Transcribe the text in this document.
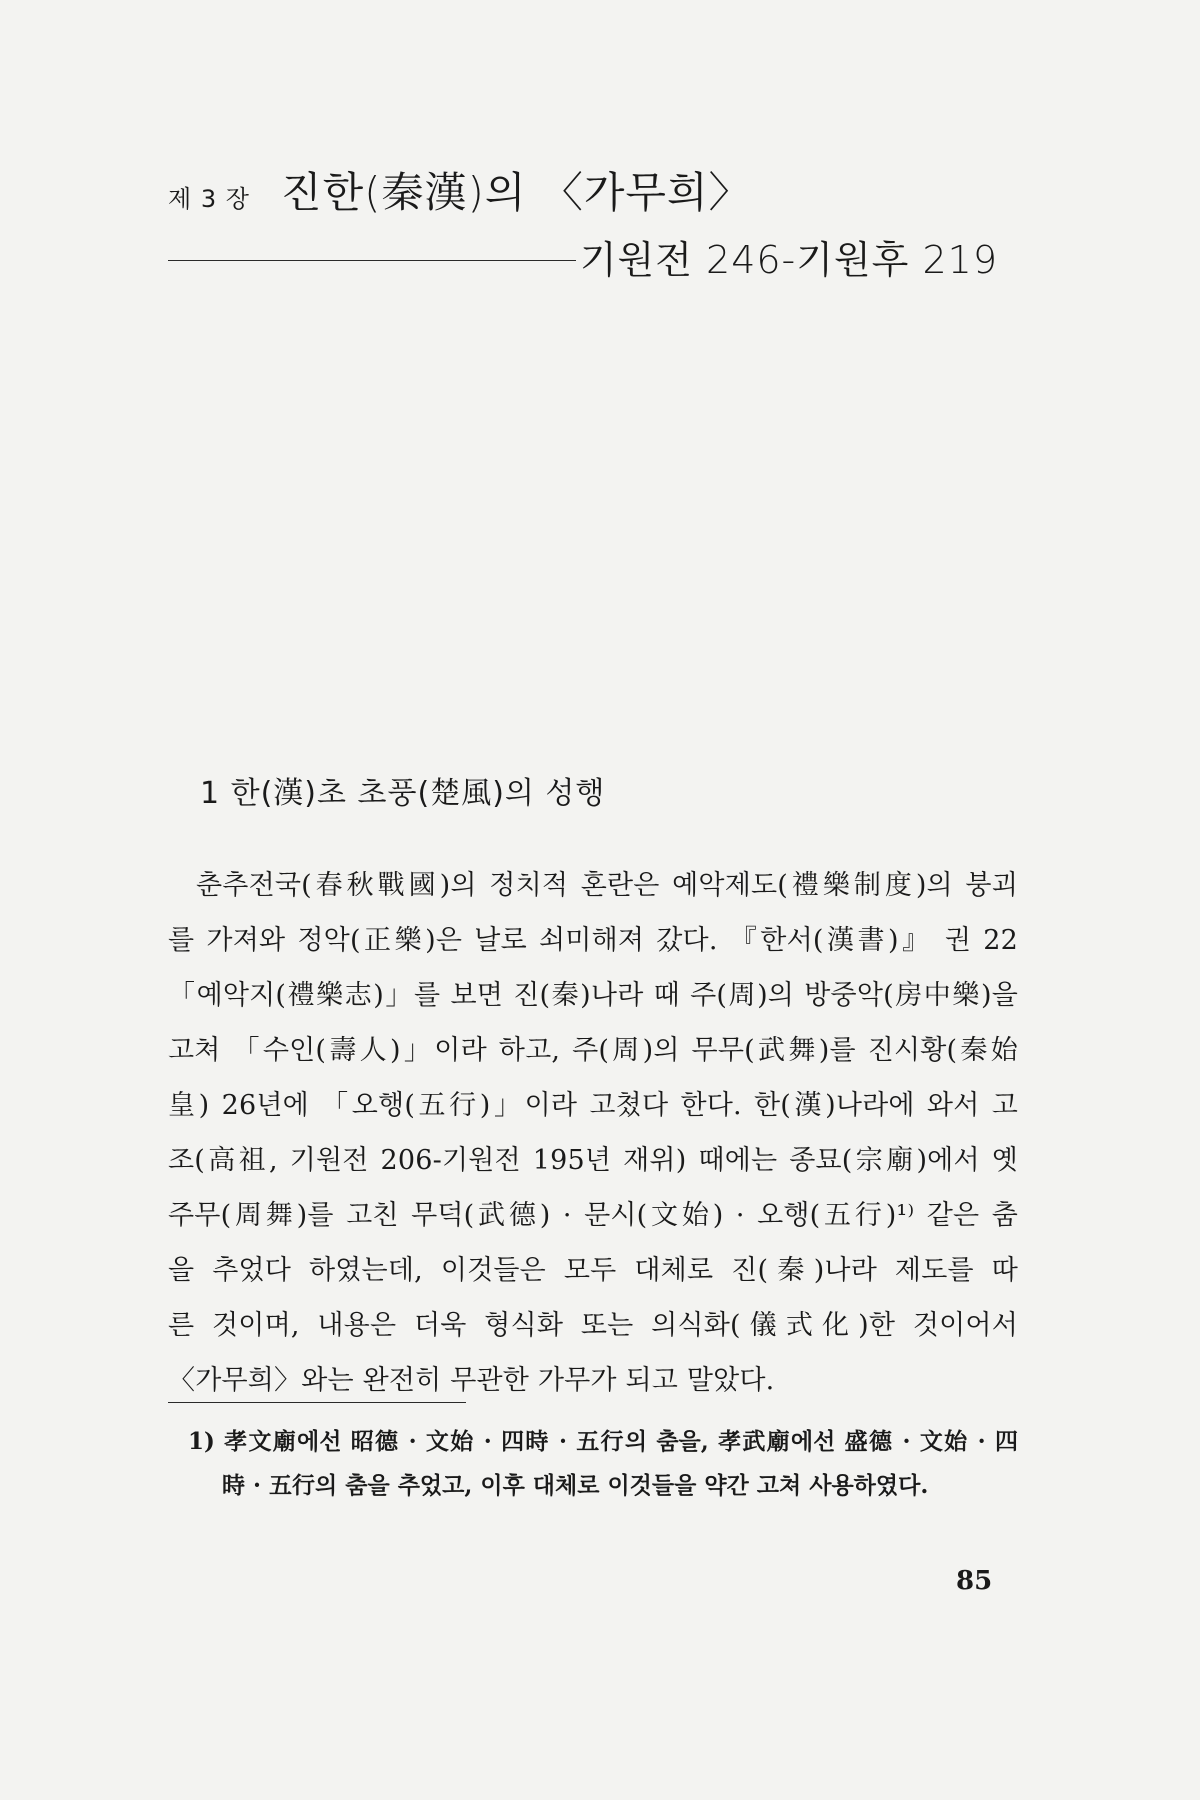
제 3 장 진한(秦漢)의 〈가무희〉
기원전 246-기원후 219
1 한(漢)초 초풍(楚風)의 성행
춘추전국(春秋戰國)의 정치적 혼란은 예악제도(禮樂制度)의 붕괴
를 가져와 정악(正樂)은 날로 쇠미해져 갔다. 『한서(漢書)』 권 22
「예악지(禮樂志)」를 보면 진(秦)나라 때 주(周)의 방중악(房中樂)을
고쳐 「수인(壽人)」이라 하고, 주(周)의 무무(武舞)를 진시황(秦始
皇) 26년에 「오행(五行)」이라 고쳤다 한다. 한(漢)나라에 와서 고
조(高祖, 기원전 206-기원전 195년 재위) 때에는 종묘(宗廟)에서 옛
주무(周舞)를 고친 무덕(武德) · 문시(文始) · 오행(五行)¹⁾ 같은 춤
을 추었다 하였는데, 이것들은 모두 대체로 진(秦)나라 제도를 따
른 것이며, 내용은 더욱 형식화 또는 의식화(儀式化)한 것이어서
〈가무희〉와는 완전히 무관한 가무가 되고 말았다.
1) 孝文廟에선 昭德 · 文始 · 四時 · 五行의 춤을, 孝武廟에선 盛德 · 文始 · 四
時 · 五行의 춤을 추었고, 이후 대체로 이것들을 약간 고쳐 사용하였다.
85
